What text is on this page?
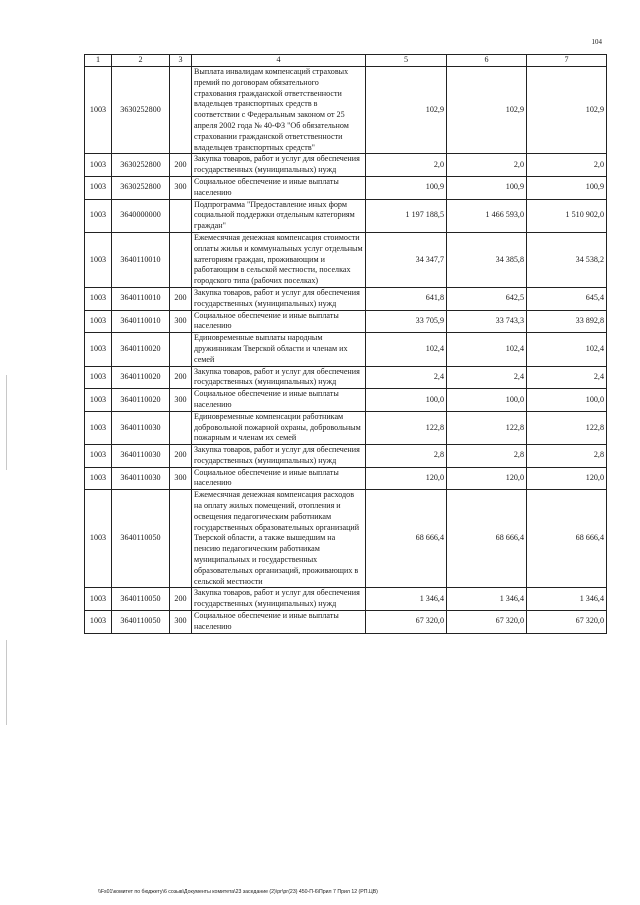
104
1	2	3	4	5	6	7
1003	3630252800		Выплата инвалидам компенсаций страховых премий по договорам обязательного страхования гражданской ответственности владельцев транспортных средств в соответствии с Федеральным законом от 25 апреля 2002 года № 40-ФЗ "Об обязательном страховании гражданской ответственности владельцев транспортных средств"	102,9	102,9	102,9
1003	3630252800	200	Закупка товаров, работ и услуг для обеспечения государственных (муниципальных) нужд	2,0	2,0	2,0
1003	3630252800	300	Социальное обеспечение и иные выплаты населению	100,9	100,9	100,9
1003	3640000000		Подпрограмма "Предоставление иных форм социальной поддержки отдельным категориям граждан"	1 197 188,5	1 466 593,0	1 510 902,0
1003	3640110010		Ежемесячная денежная компенсация стоимости оплаты жилья и коммунальных услуг отдельным категориям граждан, проживающим и работающим в сельской местности, поселках городского типа (рабочих поселках)	34 347,7	34 385,8	34 538,2
1003	3640110010	200	Закупка товаров, работ и услуг для обеспечения государственных (муниципальных) нужд	641,8	642,5	645,4
1003	3640110010	300	Социальное обеспечение и иные выплаты населению	33 705,9	33 743,3	33 892,8
1003	3640110020		Единовременные выплаты народным дружинникам Тверской области и членам их семей	102,4	102,4	102,4
1003	3640110020	200	Закупка товаров, работ и услуг для обеспечения государственных (муниципальных) нужд	2,4	2,4	2,4
1003	3640110020	300	Социальное обеспечение и иные выплаты населению	100,0	100,0	100,0
1003	3640110030		Единовременные компенсации работникам добровольной пожарной охраны, добровольным пожарным и членам их семей	122,8	122,8	122,8
1003	3640110030	200	Закупка товаров, работ и услуг для обеспечения государственных (муниципальных) нужд	2,8	2,8	2,8
1003	3640110030	300	Социальное обеспечение и иные выплаты населению	120,0	120,0	120,0
1003	3640110050		Ежемесячная денежная компенсация расходов на оплату жилых помещений, отопления и освещения педагогическим работникам государственных образовательных организаций Тверской области, а также вышедшим на пенсию педагогическим работникам муниципальных и государственных образовательных организаций, проживающих в сельской местности	68 666,4	68 666,4	68 666,4
1003	3640110050	200	Закупка товаров, работ и услуг для обеспечения государственных (муниципальных) нужд	1 346,4	1 346,4	1 346,4
1003	3640110050	300	Социальное обеспечение и иные выплаты населению	67 320,0	67 320,0	67 320,0
\\Fs01\комитет по бюджету\6 созыв\Документы комитета\23 заседание (2)\рг\рг(23) 450-П-6\Прил 7 Прил 12 (РП.ЦВ)
